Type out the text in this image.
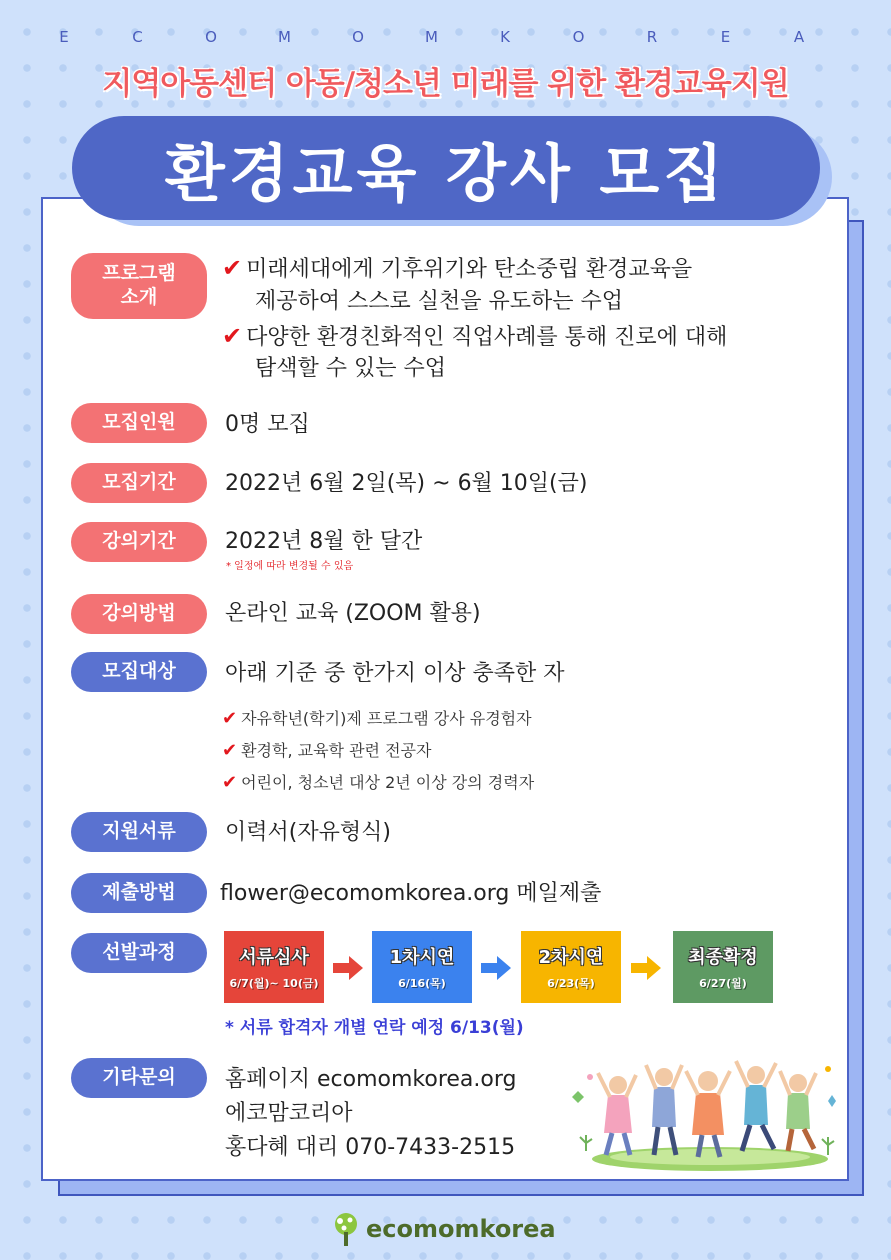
E	C	O	M	O	M	K	O	R	E	A
지역아동센터 아동/청소년 미래를 위한 환경교육지원
환경교육 강사 모집
프로그램 소개
✔ 미래세대에게 기후위기와 탄소중립 환경교육을
제공하여 스스로 실천을 유도하는 수업
✔ 다양한 환경친화적인 직업사례를 통해 진로에 대해
탐색할 수 있는 수업
모집인원	0명 모집
모집기간	2022년 6월 2일(목) ~ 6월 10일(금)
강의기간	2022년 8월 한 달간
* 일정에 따라 변경될 수 있음
강의방법	온라인 교육 (ZOOM 활용)
모집대상	아래 기준 중 한가지 이상 충족한 자
✔ 자유학년(학기)제 프로그램 강사 유경험자
✔ 환경학, 교육학 관련 전공자
✔ 어린이, 청소년 대상 2년 이상 강의 경력자
지원서류	이력서(자유형식)
제출방법	flower@ecomomkorea.org 메일제출
선발과정	서류심사
6/7(월)~ 10(금)
1차시연
6/16(목)
2차시연
6/23(목)
최종확정
6/27(월)
* 서류 합격자 개별 연락 예정 6/13(월)
기타문의	홈페이지 ecomomkorea.org
에코맘코리아
홍다혜 대리 070-7433-2515
ecomomkorea
